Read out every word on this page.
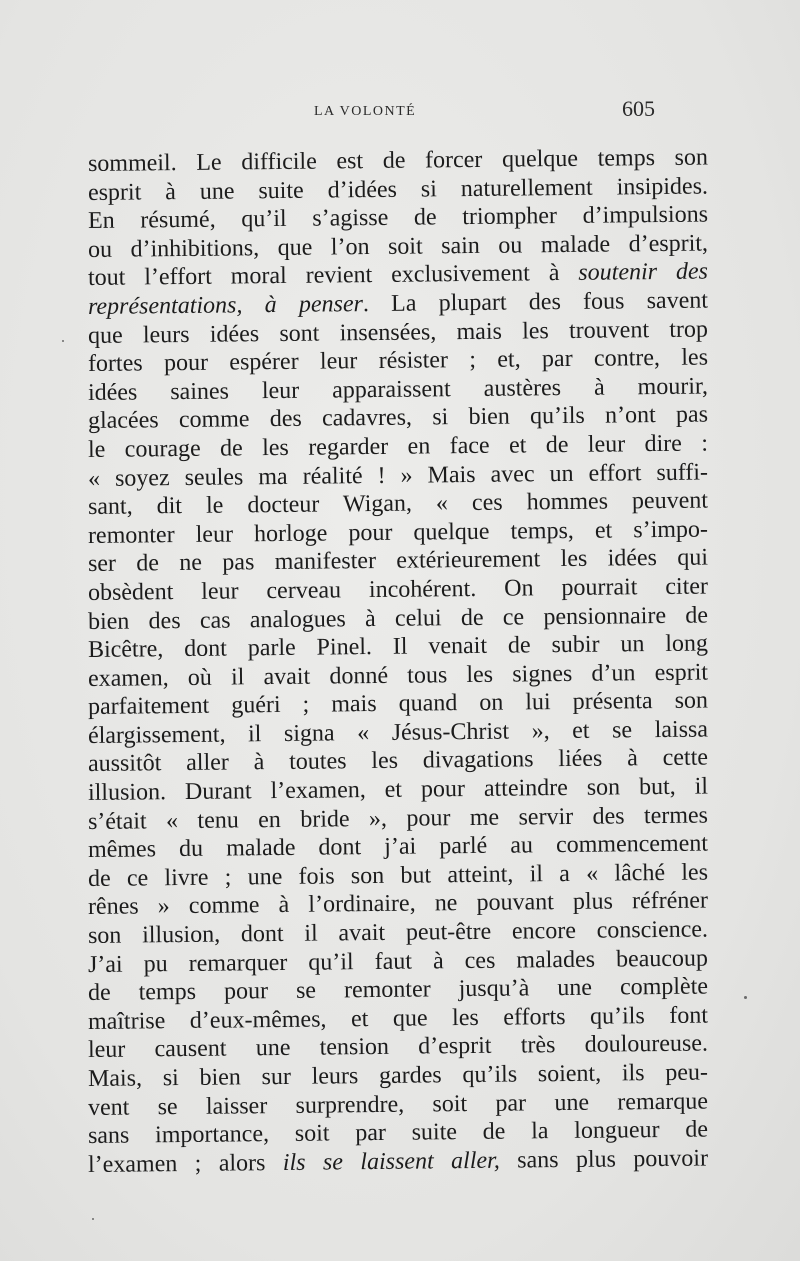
LA VOLONTÉ	605
sommeil. Le difficile est de forcer quelque temps son
esprit à une suite d’idées si naturellement insipides.
En résumé, qu’il s’agisse de triompher d’impulsions
ou d’inhibitions, que l’on soit sain ou malade d’esprit,
tout l’effort moral revient exclusivement à soutenir des
représentations, à penser. La plupart des fous savent
que leurs idées sont insensées, mais les trouvent trop
fortes pour espérer leur résister ; et, par contre, les
idées saines leur apparaissent austères à mourir,
glacées comme des cadavres, si bien qu’ils n’ont pas
le courage de les regarder en face et de leur dire :
« soyez seules ma réalité ! » Mais avec un effort suffi-
sant, dit le docteur Wigan, « ces hommes peuvent
remonter leur horloge pour quelque temps, et s’impo-
ser de ne pas manifester extérieurement les idées qui
obsèdent leur cerveau incohérent. On pourrait citer
bien des cas analogues à celui de ce pensionnaire de
Bicêtre, dont parle Pinel. Il venait de subir un long
examen, où il avait donné tous les signes d’un esprit
parfaitement guéri ; mais quand on lui présenta son
élargissement, il signa « Jésus-Christ », et se laissa
aussitôt aller à toutes les divagations liées à cette
illusion. Durant l’examen, et pour atteindre son but, il
s’était « tenu en bride », pour me servir des termes
mêmes du malade dont j’ai parlé au commencement
de ce livre ; une fois son but atteint, il a « lâché les
rênes » comme à l’ordinaire, ne pouvant plus réfréner
son illusion, dont il avait peut-être encore conscience.
J’ai pu remarquer qu’il faut à ces malades beaucoup
de temps pour se remonter jusqu’à une complète
maîtrise d’eux-mêmes, et que les efforts qu’ils font
leur causent une tension d’esprit très douloureuse.
Mais, si bien sur leurs gardes qu’ils soient, ils peu-
vent se laisser surprendre, soit par une remarque
sans importance, soit par suite de la longueur de
l’examen ; alors ils se laissent aller, sans plus pouvoir
